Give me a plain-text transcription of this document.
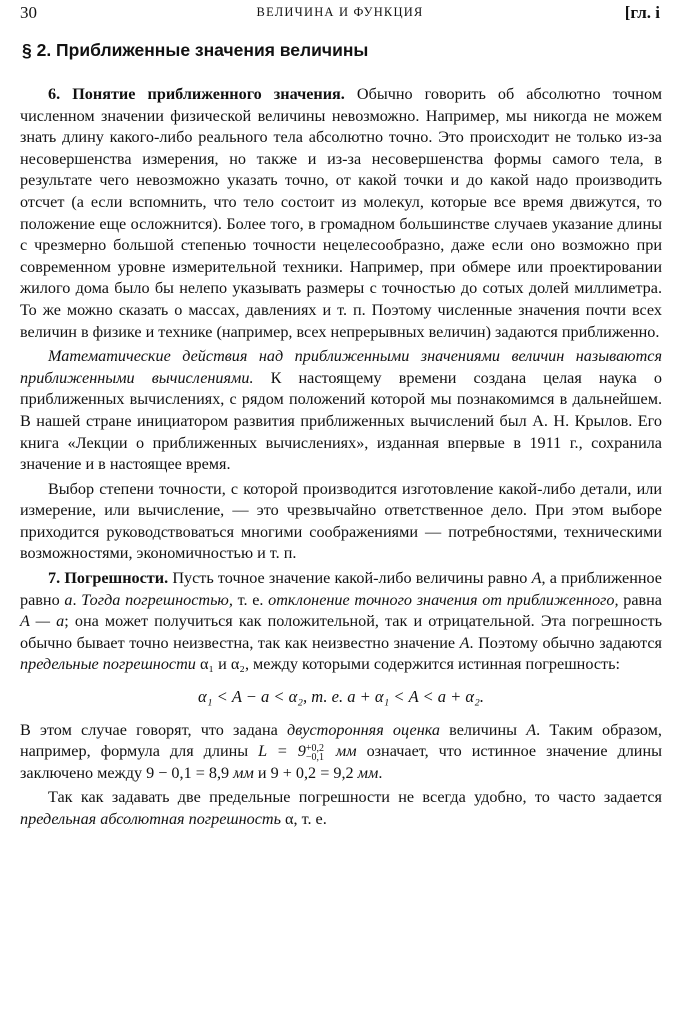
30	ВЕЛИЧИНА И ФУНКЦИЯ	[гл. i
§ 2. Приближенные значения величины

6. Понятие приближенного значения. Обычно говорить об абсолютно точном численном значении физической величины невозможно. Например, мы никогда не можем знать длину какого-либо реального тела абсолютно точно. Это происходит не только из-за несовершенства измерения, но также и из-за несовершенства формы самого тела, в результате чего невозможно указать точно, от какой точки и до какой надо производить отсчет (а если вспомнить, что тело состоит из молекул, которые все время движутся, то положение еще осложнится). Более того, в громадном большинстве случаев указание длины с чрезмерно большой степенью точности нецелесообразно, даже если оно возможно при современном уровне измерительной техники. Например, при обмере или проектировании жилого дома было бы нелепо указывать размеры с точностью до сотых долей миллиметра. То же можно сказать о массах, давлениях и т. п. Поэтому численные значения почти всех величин в физике и технике (например, всех непрерывных величин) задаются приближенно.

Математические действия над приближенными значениями величин называются приближенными вычислениями. К настоящему времени создана целая наука о приближенных вычислениях, с рядом положений которой мы познакомимся в дальнейшем. В нашей стране инициатором развития приближенных вычислений был А. Н. Крылов. Его книга «Лекции о приближенных вычислениях», изданная впервые в 1911 г., сохранила значение и в настоящее время.

Выбор степени точности, с которой производится изготовление какой-либо детали, или измерение, или вычисление, — это чрезвычайно ответственное дело. При этом выборе приходится руководствоваться многими соображениями — потребностями, техническими возможностями, экономичностью и т. п.

7. Погрешности. Пусть точное значение какой-либо величины равно A, а приближенное равно a. Тогда погрешностью, т. е. отклонение точного значения от приближенного, равна A — a; она может получиться как положительной, так и отрицательной. Эта погрешность обычно бывает точно неизвестна, так как неизвестно значение A. Поэтому обычно задаются предельные погрешности α₁ и α₂, между которыми содержится истинная погрешность:

α₁ < A − a < α₂, т. е. a + α₁ < A < a + α₂.

В этом случае говорят, что задана двусторонняя оценка величины A. Таким образом, например, формула для длины L = 9 +0,2
−0,1 мм означает, что истинное значение длины заключено между 9 − 0,1 = 8,9 мм и 9 + 0,2 = 9,2 мм.

Так как задавать две предельные погрешности не всегда удобно, то часто задается предельная абсолютная погрешность α, т. е.
